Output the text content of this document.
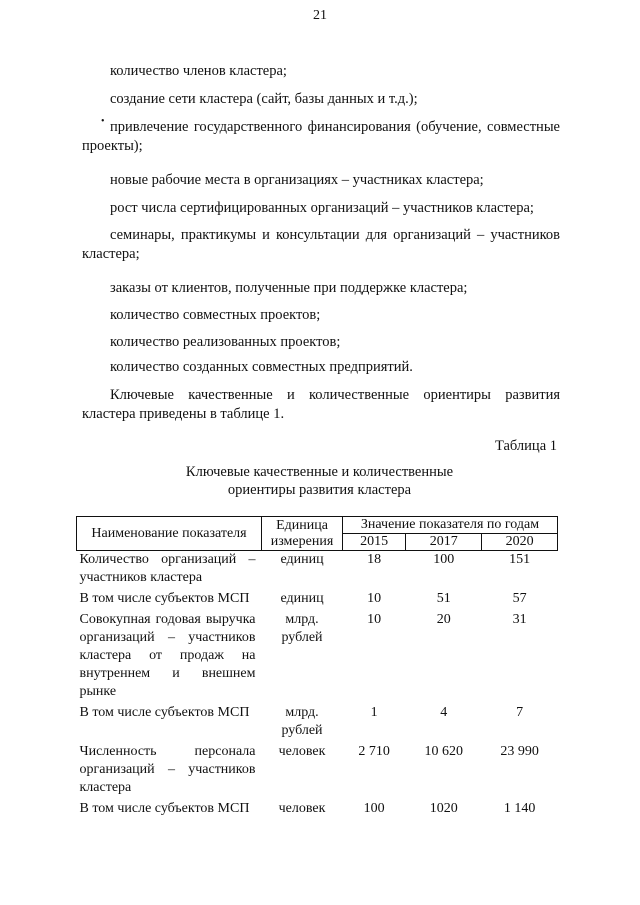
21
количество членов кластера;
создание сети кластера (сайт, базы данных и т.д.);
• привлечение государственного финансирования (обучение, совместные проекты);
новые рабочие места в организациях – участниках кластера;
рост числа сертифицированных организаций – участников кластера;
семинары, практикумы и консультации для организаций – участников кластера;
заказы от клиентов, полученные при поддержке кластера;
количество совместных проектов;
количество реализованных проектов;
количество созданных совместных предприятий.
Ключевые качественные и количественные ориентиры развития кластера приведены в таблице 1.
Таблица 1
Ключевые качественные и количественные
ориентиры развития кластера
Наименование показателя	Единица измерения	Значение показателя по годам		
		2015	2017	2020
Количество организаций – участников кластера	единиц	18	100	151
В том числе субъектов МСП	единиц	10	51	57
Совокупная годовая выручка организаций – участников кластера от продаж на внутреннем и внешнем рынке	млрд. рублей	10	20	31
В том числе субъектов МСП	млрд. рублей	1	4	7
Численность персонала организаций – участников кластера	человек	2 710	10 620	23 990
В том числе субъектов МСП	человек	100	1020	1 140
